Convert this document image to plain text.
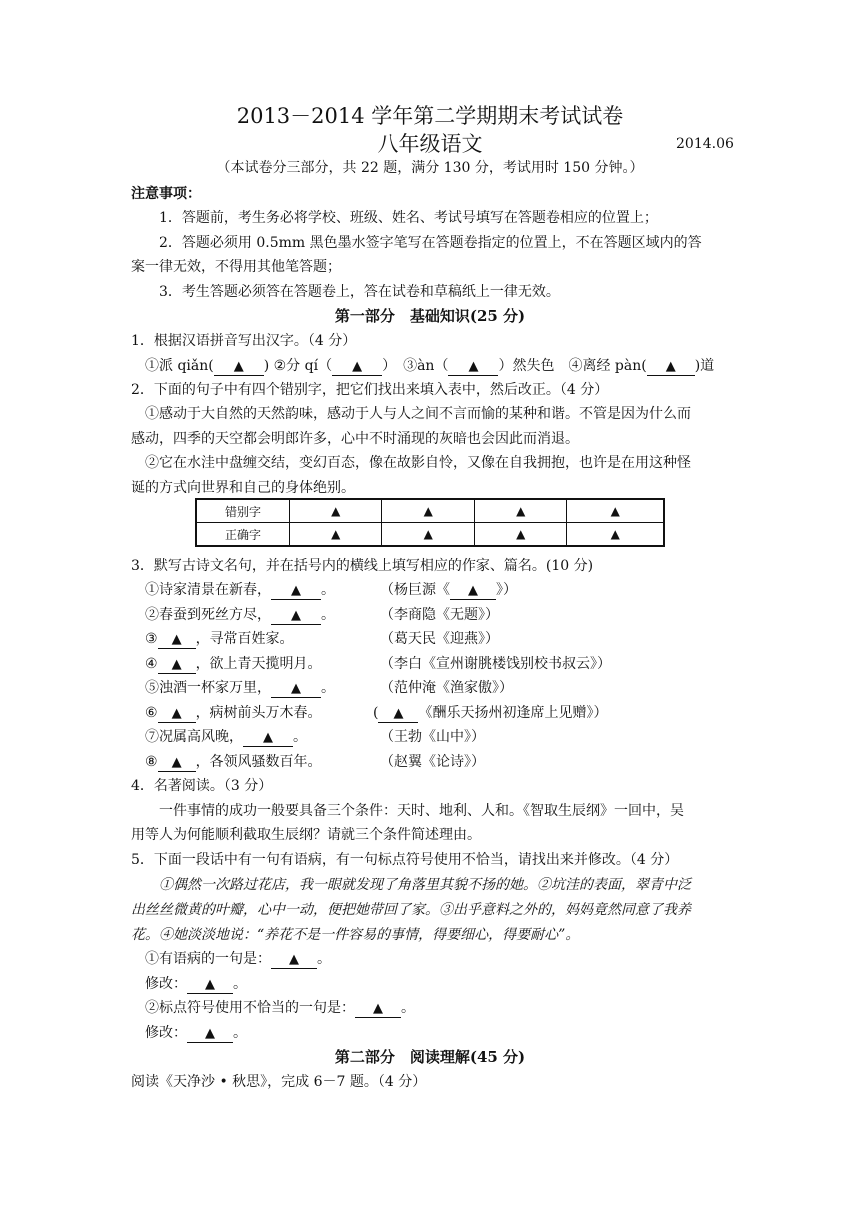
2013－2014 学年第二学期期末考试试卷
八年级语文	2014.06
（本试卷分三部分，共 22 题，满分 130 分，考试用时 150 分钟。）
注意事项：
1．答题前，考生务必将学校、班级、姓名、考试号填写在答题卷相应的位置上；
2．答题必须用 0.5mm 黑色墨水签字笔写在答题卷指定的位置上，不在答题区域内的答
案一律无效，不得用其他笔答题；
3．考生答题必须答在答题卷上，答在试卷和草稿纸上一律无效。
第一部分　基础知识(25 分)
1．根据汉语拼音写出汉字。（4 分）
①派 qiǎn( ▲ ) ②分 qí（ ▲ ）　③àn（ ▲ ）然失色　④离经 pàn( ▲ )道
2．下面的句子中有四个错别字，把它们找出来填入表中，然后改正。（4 分）
①感动于大自然的天然韵味，感动于人与人之间不言而愉的某种和谐。不管是因为什么而
感动，四季的天空都会明郎许多，心中不时涌现的灰暗也会因此而消退。
②它在水洼中盘缠交结，变幻百态，像在故影自怜，又像在自我拥抱，也许是在用这种怪
诞的方式向世界和自己的身体绝别。
错别字	▲	▲	▲	▲
正确字	▲	▲	▲	▲
3．默写古诗文名句，并在括号内的横线上填写相应的作家、篇名。(10 分)
①诗家清景在新春， ▲ 。	（杨巨源《 ▲ 》）
②春蚕到死丝方尽， ▲ 。	（李商隐《无题》）
③ ▲ ，寻常百姓家。	（葛天民《迎燕》）
④ ▲ ，欲上青天揽明月。	（李白《宣州谢朓楼饯别校书叔云》）
⑤浊酒一杯家万里， ▲ 。	（范仲淹《渔家傲》）
⑥ ▲ ，病树前头万木春。	( ▲ 《酬乐天扬州初逢席上见赠》）
⑦况属高风晚， ▲ 。	（王勃《山中》）
⑧ ▲ ，各领风骚数百年。	（赵翼《论诗》）
4．名著阅读。（3 分）
一件事情的成功一般要具备三个条件：天时、地利、人和。《智取生辰纲》一回中，吴
用等人为何能顺利截取生辰纲？请就三个条件简述理由。
5．下面一段话中有一句有语病，有一句标点符号使用不恰当，请找出来并修改。（4 分）
①偶然一次路过花店，我一眼就发现了角落里其貌不扬的她。②坑洼的表面，翠青中泛
出丝丝微黄的叶瓣，心中一动，便把她带回了家。③出乎意料之外的，妈妈竟然同意了我养
花。④她淡淡地说：“养花不是一件容易的事情，得要细心，得要耐心”。
①有语病的一句是： ▲ 。
修改： ▲ 。
②标点符号使用不恰当的一句是： ▲ 。
修改： ▲ 。
第二部分　阅读理解(45 分)
阅读《天净沙 • 秋思》，完成 6－7 题。（4 分）
